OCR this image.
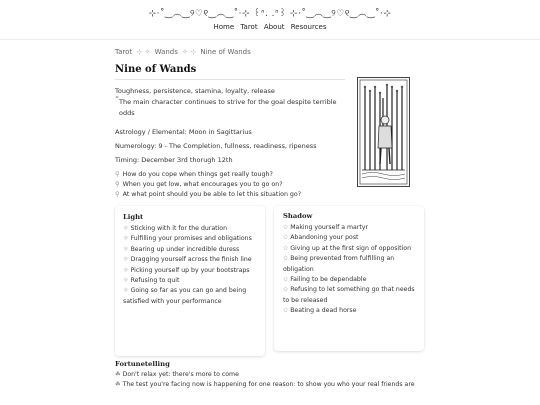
⊹·˚‿︵‿୨♡୧‿︵‿˚·⊹ ꒰ᐢ. .ᐢ꒱ ⊹·˚‿︵‿୨♡୧‿︵‿˚·⊹
Home Tarot About Resources
Tarot ⊹ ✧ Wands ✧ ⊹ Nine of Wands
Nine of Wands
Toughness, persistence, stamina, loyalty, release
“ The main character continues to strive for the goal despite terrible odds
Astrology / Elemental: Moon in Sagittarius
Numerology: 9 - The Completion, fullness, readiness, ripeness
Timing: December 3rd thorugh 12th
⚲ How do you cope when things get really tough?
⚲ When you get low, what encourages you to go on?
⚲ At what point should you be able to let this situation go?
Light
☼ Sticking with it for the duration
☼ Fulfilling your promises and obligations
☼ Bearing up under incredible duress
☼ Dragging yourself across the finish line
☼ Picking yourself up by your bootstraps
☼ Refusing to quit
☼ Going so far as you can go and being satisfied with your performance
Shadow
✩ Making yourself a martyr
✩ Abandoning your post
✩ Giving up at the first sign of opposition
✩ Being prevented from fulfilling an obligation
✩ Failing to be dependable
✩ Refusing to let something go that needs to be released
✩ Beating a dead horse
Fortunetelling
☘ Don't relax yet: there's more to come
☘ The test you're facing now is happening for one reason: to show you who your real friends are
